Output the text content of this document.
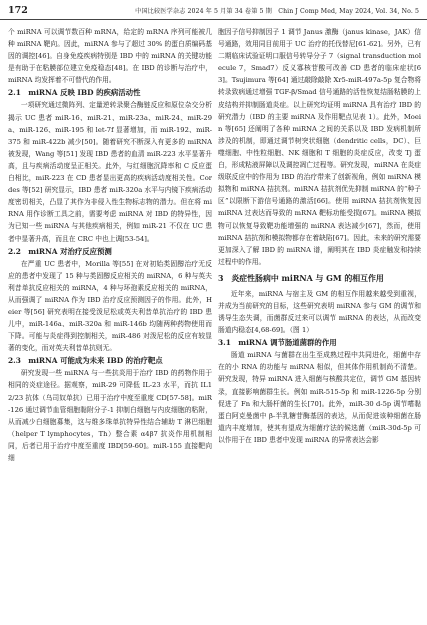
172	中国比较医学杂志 2024 年 5 月第 34 卷第 5 期　Chin J Comp Med, May 2024, Vol. 34, No. 5

个 miRNA 可以调节数百种 mRNA，给定的 mRNA 序列可能被几种 miRNA 靶向。因此，miRNA 参与了超过 30% 的蛋白质编码基因的调控[46]。自身免疫疾病特别是 IBD 中的 miRNA 的关键功能是有助于在粘膜部位建立免疫稳态[48]。在 IBD 的诊断与治疗中，miRNA 均发挥着不可替代的作用。

2.1　miRNA 反映 IBD 的疾病活动性

一项研究通过微阵列、定量逆转录聚合酶链反应和原位杂交分析揭示 UC 患者 miR-16、miR-21、miR-23a、miR-24、miR-29a、miR-126、miR-195 和 let-7f 显著增加，而 miR-192、miR-375 和 miR-422b 减少[50]。随着研究不断深入有更多的 miRNA 被发现，Wang 等[51] 发现 IBD 患者的血清 miR-223 水平显著升高，且与疾病活动度呈正相关。此外，与红细胞沉降率和 C 反应蛋白相比，miR-223 在 CD 患者显出更高的疾病活动度相关性。Cordes 等[52] 研究显示，IBD 患者 miR-320a 水平与内镜下疾病活动度密切相关，凸显了其作为非侵入性生物标志物的潜力。但在将 miRNA 用作诊断工具之前，需要考虑 miRNA 对 IBD 的特异性，因为已知一些 miRNA 与其他疾病相关，例如 miR-21 不仅在 UC 患者中显著升高，而且在 CRC 中也上调[53-54]。

2.2　miRNA 对治疗反应预测

在严重 UC 患者中，Morilla 等[55] 在对初始类固醇治疗无反应的患者中发现了 15 种与类固醇反应相关的 miRNA，6 种与英夫利昔单抗反应相关的 miRNA，4 种与环孢素反应相关的 miRNA，从而强调了 miRNA 作为 IBD 治疗反应预测因子的作用。此外，Heier 等[56] 研究表明在接受泼尼松或英夫利昔单抗治疗的 IBD 患儿中，miR-146a、miR-320a 和 miR-146b 均随两种药物使用而下降。可能与炎症得到控制相关，miR-486 对泼尼松的反应有较显著的变化，而对英夫利昔单抗则无。

2.3　miRNA 可能成为未来 IBD 的治疗靶点

研究发现一些 miRNA 与一些抗炎用于治疗 IBD 的药物作用于相同的炎症途径。据观察，miR-29 可降低 IL-23 水平，而抗 IL12/23 抗体（乌司奴单抗）已用于治疗中度至重度 CD[57-58]。miR-126 通过调节血管细胞黏附分子-1 抑制白细胞与内皮细胞的粘附，从而减少白细胞募集，这与维多珠单抗特异性结合辅助 T 淋巴细胞（helper T lymphocytes，Th）整合素 α4β7 抗炎作用机制相同，后者已用于治疗中度至重度 IBD[59-60]。miR-155 直接靶向细

胞因子信号抑制因子 1 调节 Janus 激酶（janus kinase，JAK）信号通路，效用同目前用于 UC 治疗的托伐替尼[61-62]。另外，已有二期临床试验证明口服信号转导分子 7（signal transduction molecule 7，Smad7）反义寡核苷酸可改善 CD 患者的临床症状[63]。Tsujimura 等[64] 通过敲除敲除 Xr5-miR-497a-5p 复合物将转录致病通过增强 TGF-β/Smad 信号通路的活性恢复结肠粘膜的上皮结构并抑制肠道炎症。以上研究均证明 miRNA 具有治疗 IBD 的研究潜力（IBD 的主要 miRNA 及作用靶点见表 1）。此外，Moein 等[65] 还阐明了各种 miRNA 之间的关系以及 IBD 发病机制所涉及的机制，即通过调节树突状细胞（dendritic cells，DC）、巨噬细胞、中性粒细胞、NK 细胞和 T 细胞的炎症反应，改变 Tj 蛋白，形成粘液屏障以及调控凋亡过程等。研究发现，miRNA 在炎症级联反应中的作用为 IBD 的治疗带来了创新视角，例如 miRNA 模拟物和 miRNA 拮抗剂。miRNA 拮抗剂优先抑制 miRNA 的“种子区”以限断下游信号通路的激活[66]。使用 miRNA 拮抗剂恢复因 miRNA 过表达而导致的 mRNA 靶标功能受损[67]。miRNA 模拟物可以恢复导致靶功能增强的 miRNA 表达减少[67]，然而，使用 miRNA 拮抗剂和模拟物都存在着缺陷[67]。因此，未来的研究需要更加深入了解 IBD 的 miRNA 谱，阐明其在 IBD 炎症触发和持续过程中的作用。

3　炎症性肠病中 miRNA 与 GM 的相互作用

近年来，miRNA 与宿主及 GM 的相互作用越来越受到重视，并成为当前研究的目标，这些研究表明 miRNA 参与 GM 的调节和诱导生态失调，而菌群反过来可以调节 miRNA 的表达，从而改变肠道内稳态[4,68-69]。（图 1）

3.1　miRNA 调节肠道菌群的作用

肠道 miRNA 与菌群在出生至成熟过程中共同进化，细菌中存在的小 RNA 的功能与 miRNA 相似，但其体作用机制尚不清楚。研究发现，特异 miRNA 进入细菌与核酸共定位，调节 GM 基因转录，直接影响菌群生长。例如 miR-515-5p 和 miR-1226-5p 分别促进了 Fn 和大肠杆菌的生长[70]。此外，miR-30 d-5p 调节嗜黏蛋白阿克曼菌中 β-半乳糖苷酶基因的表达，从而促进该种细菌在肠道内丰度增加，使其有望成为细菌疗法的候选菌（miR-30d-5p 可以作用于在 IBD 患者中发现 miRNA 的异常表达会影
